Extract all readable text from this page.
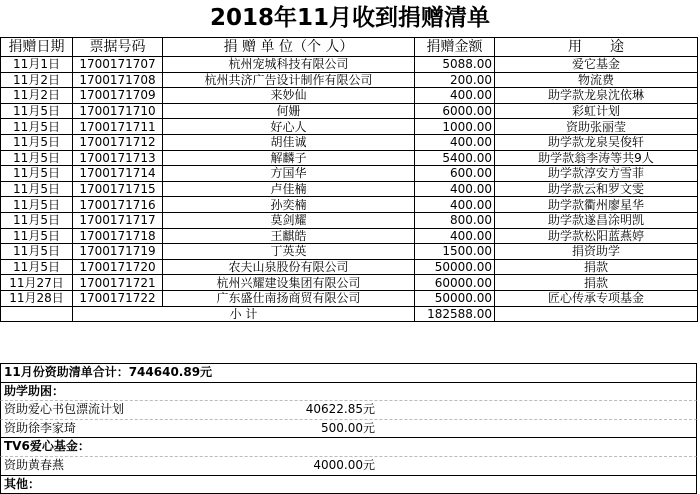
2018年11月收到捐赠清单
捐赠日期	票据号码	捐 赠 单 位（个 人）	捐赠金额	用　　途
11月1日	1700171707	杭州宠城科技有限公司	5088.00	爱它基金
11月2日	1700171708	杭州共济广告设计制作有限公司	200.00	物流费
11月2日	1700171709	来妙仙	400.00	助学款龙泉沈依琳
11月5日	1700171710	何姗	6000.00	彩虹计划
11月5日	1700171711	好心人	1000.00	资助张丽莹
11月5日	1700171712	胡佳诚	400.00	助学款龙泉吴俊轩
11月5日	1700171713	解麟子	5400.00	助学款翁李涛等共9人
11月5日	1700171714	方国华	600.00	助学款淳安方雪菲
11月5日	1700171715	卢佳楠	400.00	助学款云和罗文雯
11月5日	1700171716	孙奕楠	400.00	助学款衢州廖星华
11月5日	1700171717	莫剑耀	800.00	助学款遂昌涂明凯
11月5日	1700171718	王麒皓	400.00	助学款松阳蓝燕婷
11月5日	1700171719	丁英英	1500.00	捐资助学
11月5日	1700171720	农夫山泉股份有限公司	50000.00	捐款
11月27日	1700171721	杭州兴耀建设集团有限公司	60000.00	捐款
11月28日	1700171722	广东盛仕南扬商贸有限公司	50000.00	匠心传承专项基金
	小 计		182588.00	
11月份资助清单合计：744640.89元
助学助困：
资助爱心书包漂流计划	40622.85元
资助徐李家琦	500.00元
TV6爱心基金：
资助黄春燕	4000.00元
其他：
